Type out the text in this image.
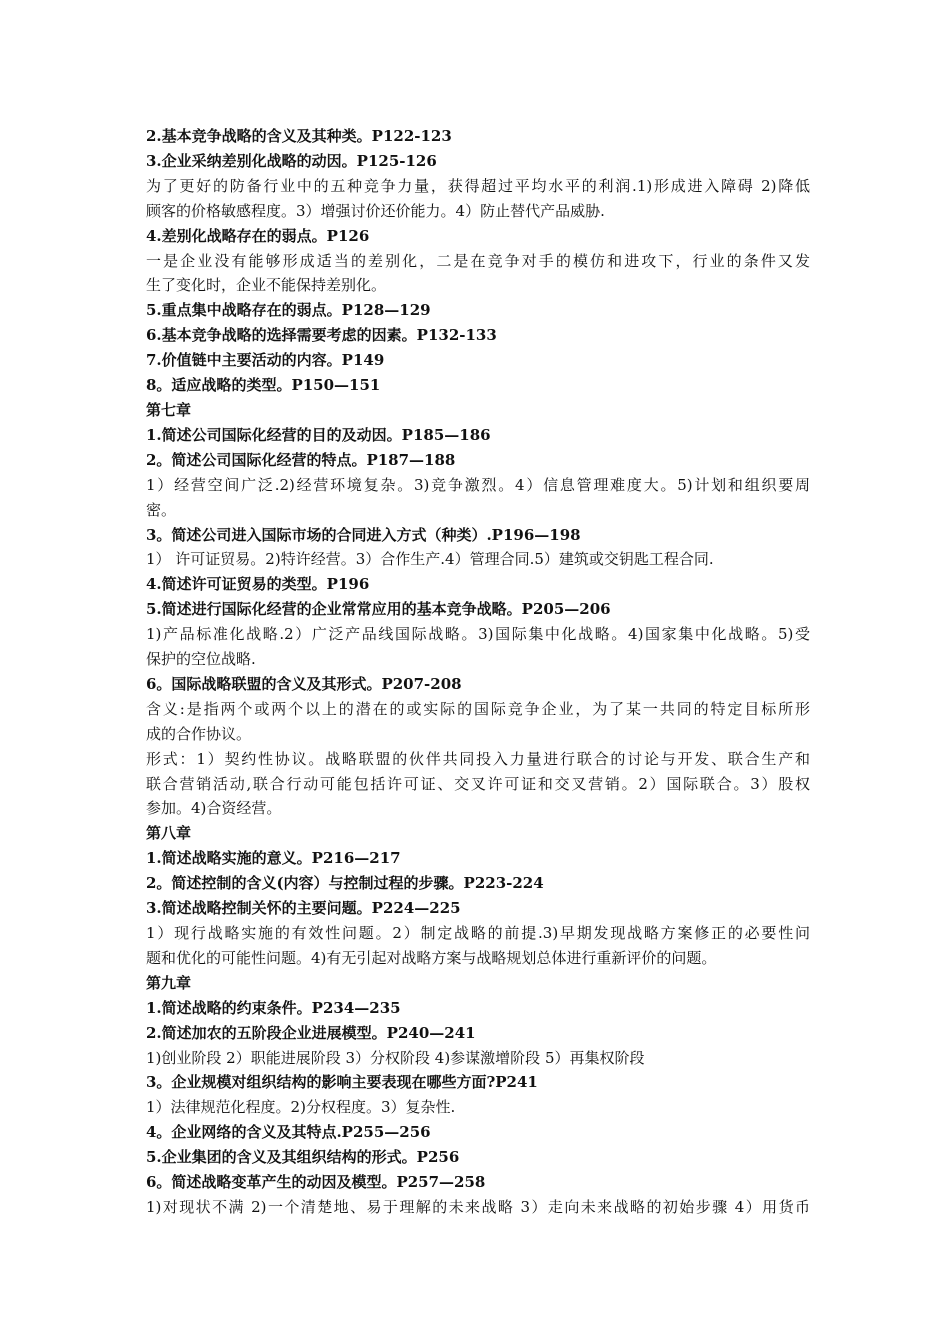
2.基本竞争战略的含义及其种类。P122-123
3.企业采纳差别化战略的动因。P125-126
为了更好的防备行业中的五种竞争力量，获得超过平均水平的利润.1)形成进入障碍 2)降低
顾客的价格敏感程度。3）增强讨价还价能力。4）防止替代产品威胁.
4.差别化战略存在的弱点。P126
一是企业没有能够形成适当的差别化，二是在竞争对手的模仿和进攻下，行业的条件又发
生了变化时，企业不能保持差别化。
5.重点集中战略存在的弱点。P128—129
6.基本竞争战略的选择需要考虑的因素。P132-133
7.价值链中主要活动的内容。P149
8。适应战略的类型。P150—151
第七章
1.简述公司国际化经营的目的及动因。P185—186
2。简述公司国际化经营的特点。P187—188
1）经营空间广泛.2)经营环境复杂。3)竞争激烈。4）信息管理难度大。5)计划和组织要周
密。
3。简述公司进入国际市场的合同进入方式（种类）.P196—198
1） 许可证贸易。2)特许经营。3）合作生产.4）管理合同.5）建筑或交钥匙工程合同.
4.简述许可证贸易的类型。P196
5.简述进行国际化经营的企业常常应用的基本竞争战略。P205—206
1)产品标准化战略.2）广泛产品线国际战略。3)国际集中化战略。4)国家集中化战略。5)受
保护的空位战略.
6。国际战略联盟的含义及其形式。P207-208
含义:是指两个或两个以上的潜在的或实际的国际竞争企业，为了某一共同的特定目标所形
成的合作协议。
形式：1）契约性协议。战略联盟的伙伴共同投入力量进行联合的讨论与开发、联合生产和
联合营销活动,联合行动可能包括许可证、交叉许可证和交叉营销。2）国际联合。3）股权
参加。4)合资经营。
第八章
1.简述战略实施的意义。P216—217
2。简述控制的含义(内容）与控制过程的步骤。P223-224
3.简述战略控制关怀的主要问题。P224—225
1）现行战略实施的有效性问题。2）制定战略的前提.3)早期发现战略方案修正的必要性问
题和优化的可能性问题。4)有无引起对战略方案与战略规划总体进行重新评价的问题。
第九章
1.简述战略的约束条件。P234—235
2.简述加农的五阶段企业进展模型。P240—241
1)创业阶段 2）职能进展阶段 3）分权阶段 4)参谋激增阶段 5）再集权阶段
3。企业规模对组织结构的影响主要表现在哪些方面?P241
1）法律规范化程度。2)分权程度。3）复杂性.
4。企业网络的含义及其特点.P255—256
5.企业集团的含义及其组织结构的形式。P256
6。简述战略变革产生的动因及模型。P257—258
1)对现状不满 2)一个清楚地、易于理解的未来战略 3）走向未来战略的初始步骤 4）用货币
